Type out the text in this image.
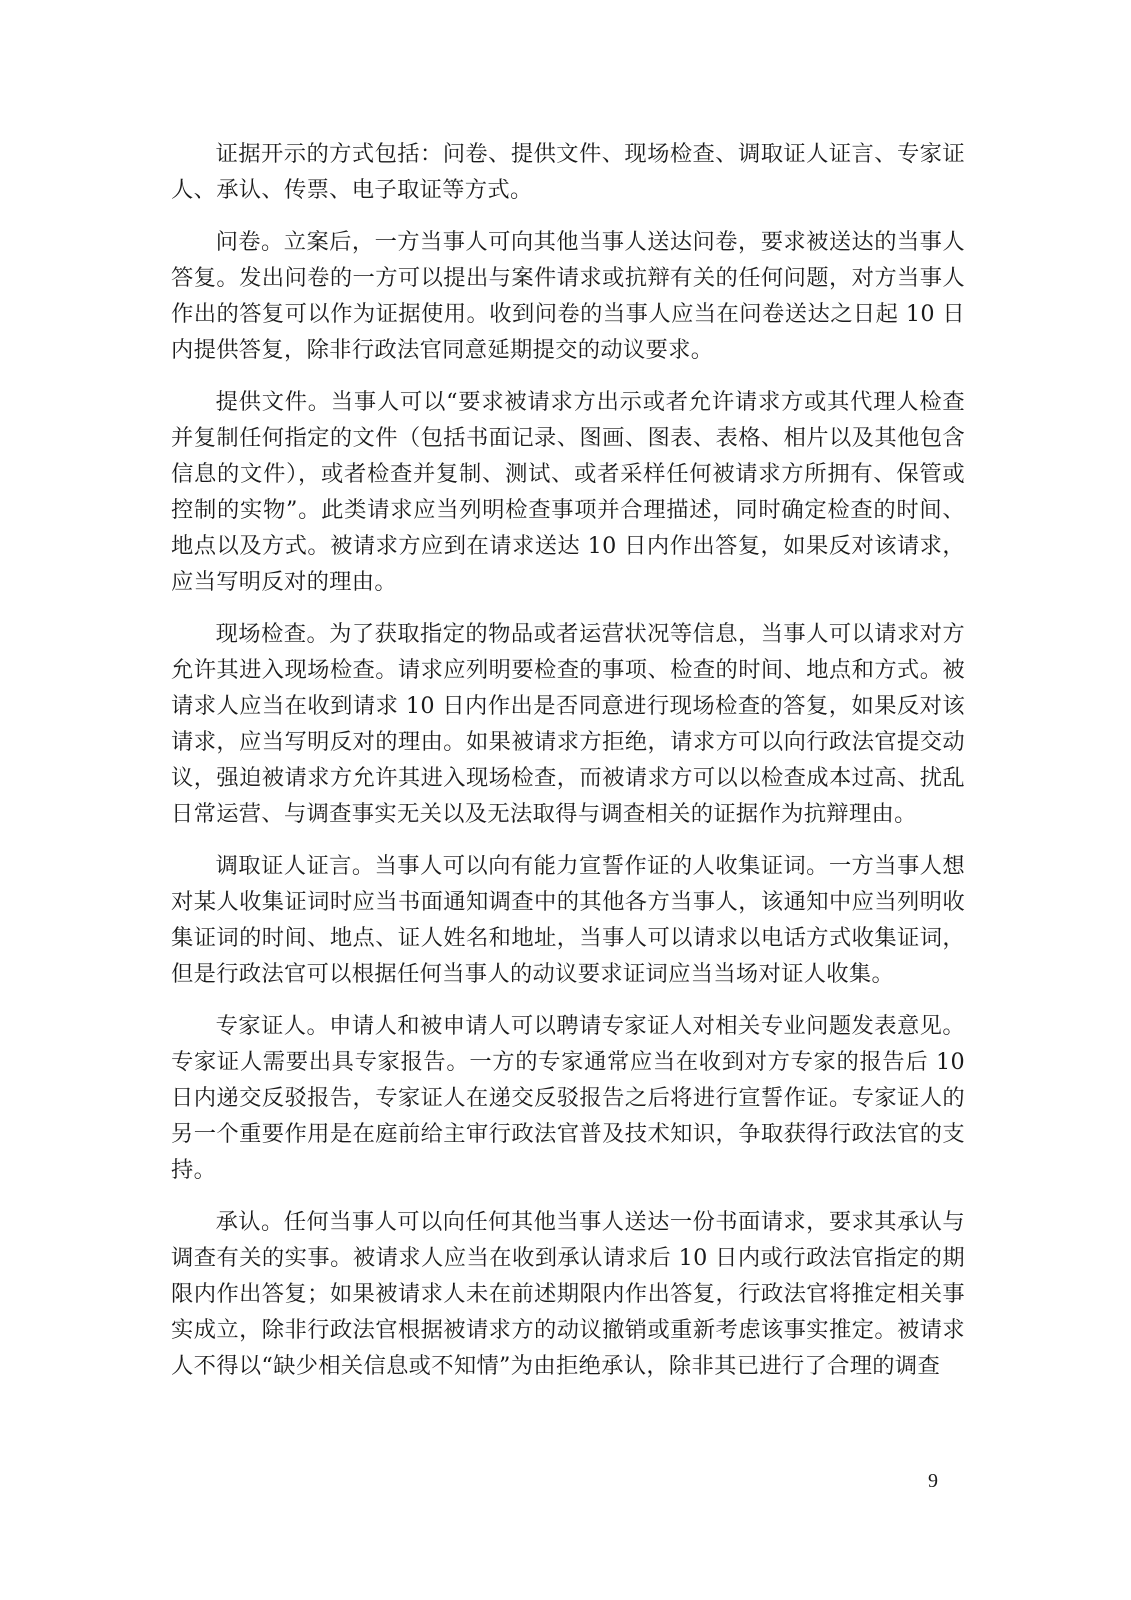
证据开示的方式包括：问卷、提供文件、现场检查、调取证人证言、专家证人、承认、传票、电子取证等方式。

问卷。立案后，一方当事人可向其他当事人送达问卷，要求被送达的当事人答复。发出问卷的一方可以提出与案件请求或抗辩有关的任何问题，对方当事人作出的答复可以作为证据使用。收到问卷的当事人应当在问卷送达之日起 10 日内提供答复，除非行政法官同意延期提交的动议要求。

提供文件。当事人可以“要求被请求方出示或者允许请求方或其代理人检查并复制任何指定的文件（包括书面记录、图画、图表、表格、相片以及其他包含信息的文件），或者检查并复制、测试、或者采样任何被请求方所拥有、保管或控制的实物”。此类请求应当列明检查事项并合理描述，同时确定检查的时间、地点以及方式。被请求方应到在请求送达 10 日内作出答复，如果反对该请求，应当写明反对的理由。

现场检查。为了获取指定的物品或者运营状况等信息，当事人可以请求对方允许其进入现场检查。请求应列明要检查的事项、检查的时间、地点和方式。被请求人应当在收到请求 10 日内作出是否同意进行现场检查的答复，如果反对该请求，应当写明反对的理由。如果被请求方拒绝，请求方可以向行政法官提交动议，强迫被请求方允许其进入现场检查，而被请求方可以以检查成本过高、扰乱日常运营、与调查事实无关以及无法取得与调查相关的证据作为抗辩理由。

调取证人证言。当事人可以向有能力宣誓作证的人收集证词。一方当事人想对某人收集证词时应当书面通知调查中的其他各方当事人，该通知中应当列明收集证词的时间、地点、证人姓名和地址，当事人可以请求以电话方式收集证词，但是行政法官可以根据任何当事人的动议要求证词应当当场对证人收集。

专家证人。申请人和被申请人可以聘请专家证人对相关专业问题发表意见。专家证人需要出具专家报告。一方的专家通常应当在收到对方专家的报告后 10 日内递交反驳报告，专家证人在递交反驳报告之后将进行宣誓作证。专家证人的另一个重要作用是在庭前给主审行政法官普及技术知识，争取获得行政法官的支持。

承认。任何当事人可以向任何其他当事人送达一份书面请求，要求其承认与调查有关的实事。被请求人应当在收到承认请求后 10 日内或行政法官指定的期限内作出答复；如果被请求人未在前述期限内作出答复，行政法官将推定相关事实成立，除非行政法官根据被请求方的动议撤销或重新考虑该事实推定。被请求人不得以“缺少相关信息或不知情”为由拒绝承认，除非其已进行了合理的调查

9
